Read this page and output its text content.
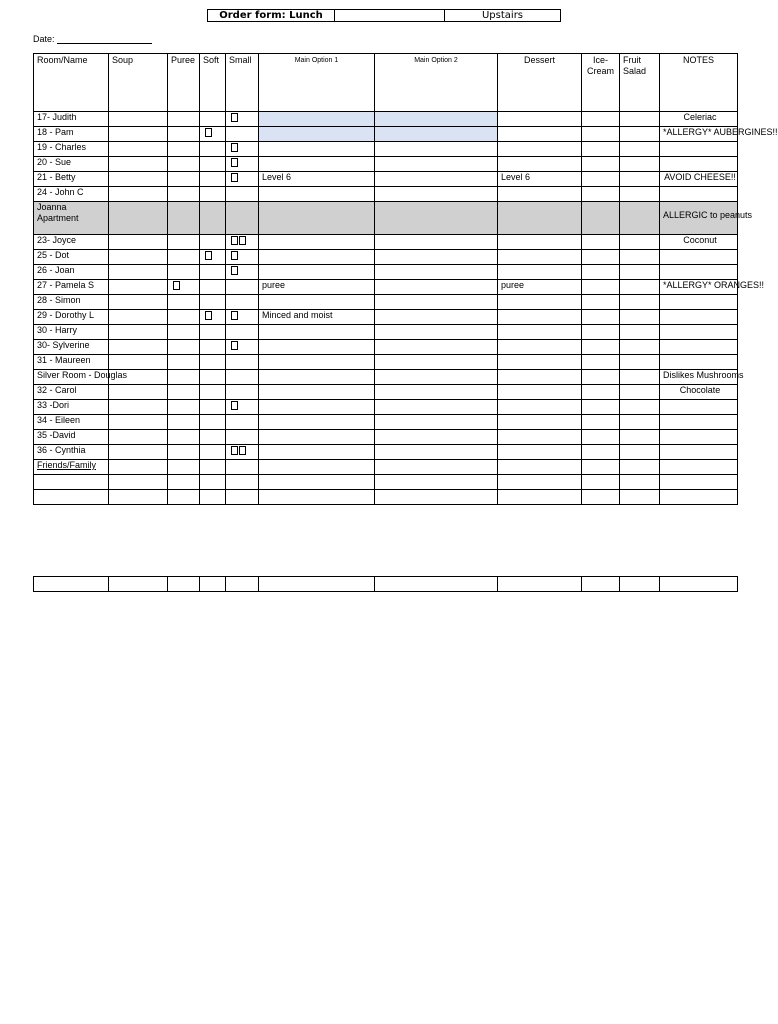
Order form: Lunch		Upstairs
Date:
Room/Name	Soup	Puree	Soft	Small	Main Option 1	Main Option 2	Dessert	Ice-Cream	Fruit Salad	NOTES
17- Judith										Celeriac
18 - Pam										*ALLERGY* AUBERGINES!!
19 - Charles										
20 - Sue										
21 - Betty					Level 6		Level 6			AVOID CHEESE!!
24 - John C										
Joanna Apartment										ALLERGIC to peanuts
23- Joyce										Coconut
25 - Dot										
26 - Joan										
27 - Pamela S					puree		puree			*ALLERGY* ORANGES!!
28 - Simon										
29 - Dorothy L					Minced and moist					
30 - Harry										
30- Sylverine										
31 - Maureen										
Silver Room - Douglas										Dislikes Mushrooms
32 - Carol										Chocolate
33 -Dori										
34 - Eileen										
35 -David										
36 - Cynthia										
Friends/Family										
